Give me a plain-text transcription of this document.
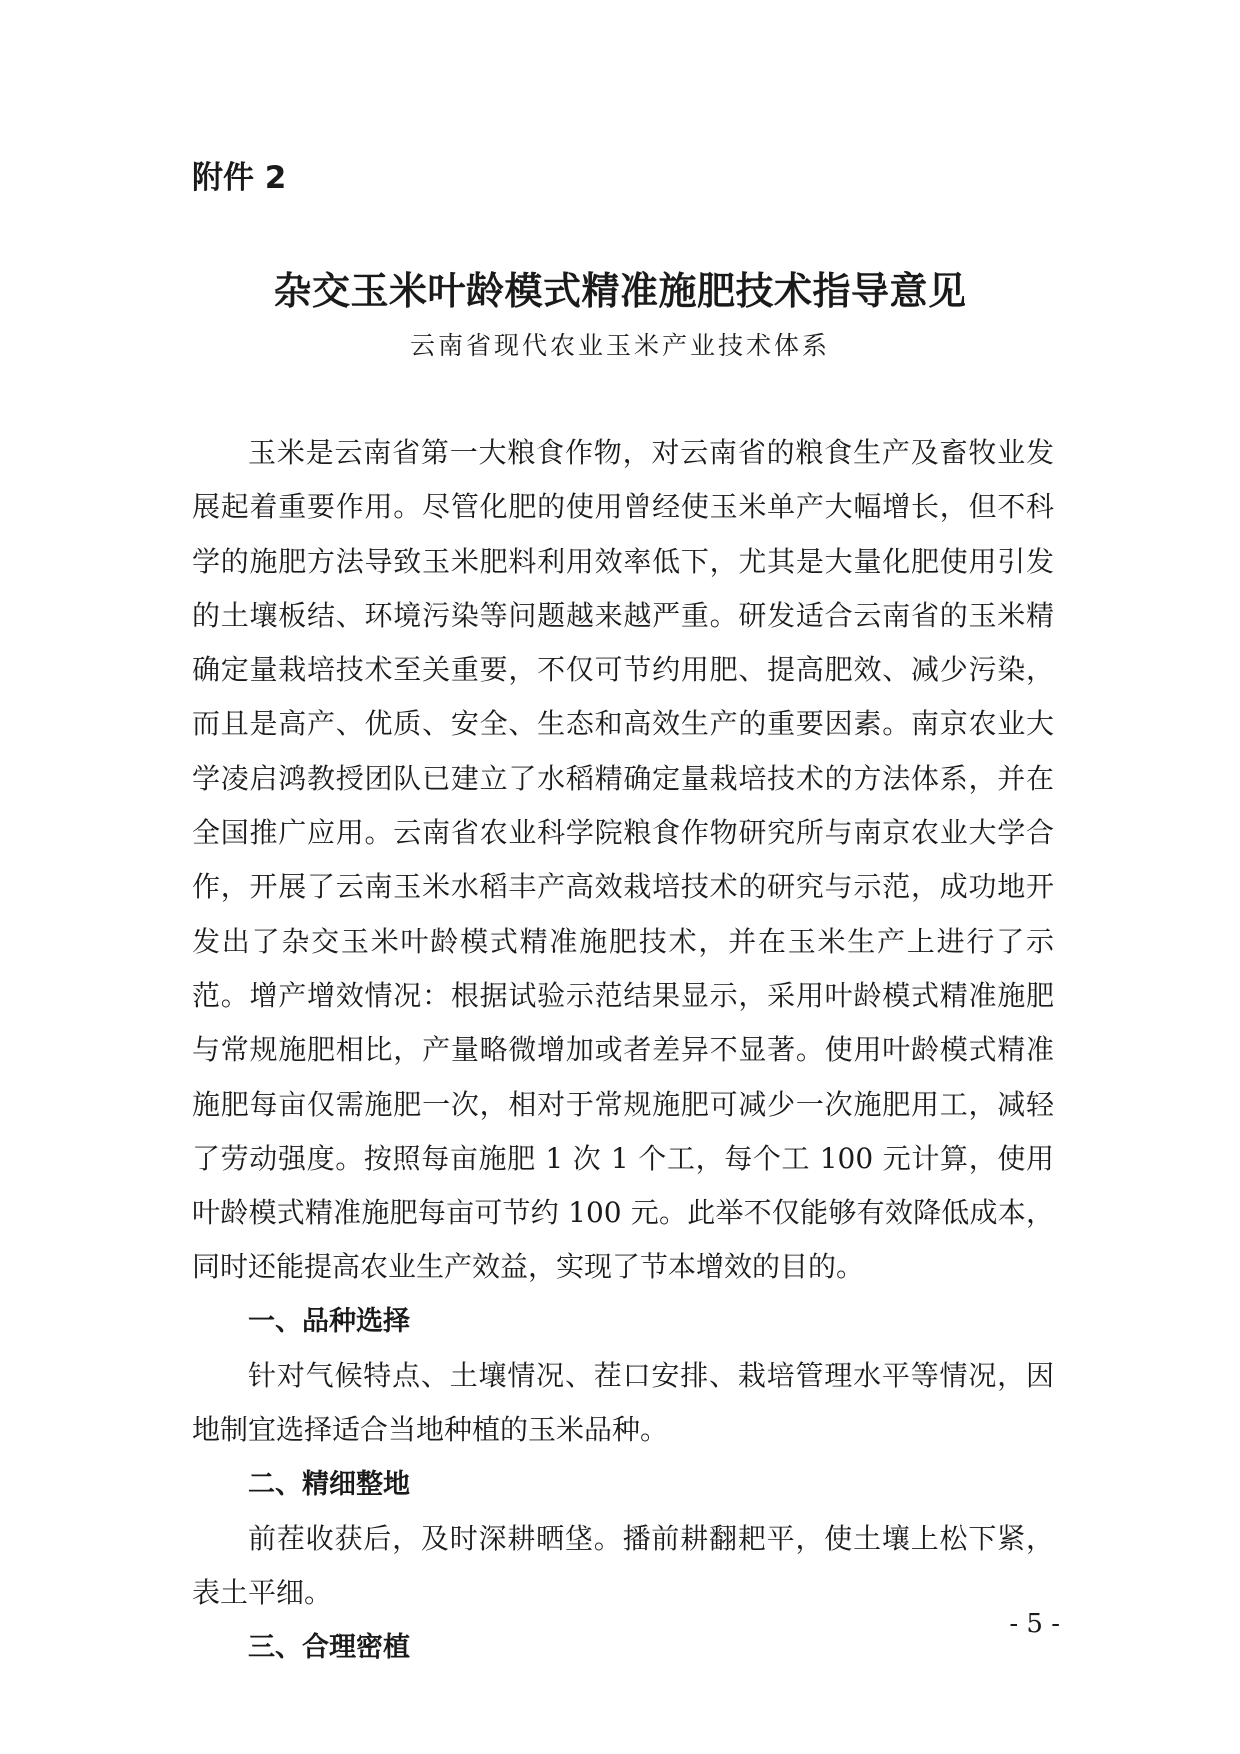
附件 2

杂交玉米叶龄模式精准施肥技术指导意见

云南省现代农业玉米产业技术体系

玉米是云南省第一大粮食作物，对云南省的粮食生产及畜牧业发展起着重要作用。尽管化肥的使用曾经使玉米单产大幅增长，但不科学的施肥方法导致玉米肥料利用效率低下，尤其是大量化肥使用引发的土壤板结、环境污染等问题越来越严重。研发适合云南省的玉米精确定量栽培技术至关重要，不仅可节约用肥、提高肥效、减少污染，而且是高产、优质、安全、生态和高效生产的重要因素。南京农业大学凌启鸿教授团队已建立了水稻精确定量栽培技术的方法体系，并在全国推广应用。云南省农业科学院粮食作物研究所与南京农业大学合作，开展了云南玉米水稻丰产高效栽培技术的研究与示范，成功地开发出了杂交玉米叶龄模式精准施肥技术，并在玉米生产上进行了示范。增产增效情况：根据试验示范结果显示，采用叶龄模式精准施肥与常规施肥相比，产量略微增加或者差异不显著。使用叶龄模式精准施肥每亩仅需施肥一次，相对于常规施肥可减少一次施肥用工，减轻了劳动强度。按照每亩施肥 1 次 1 个工，每个工 100 元计算，使用叶龄模式精准施肥每亩可节约 100 元。此举不仅能够有效降低成本，同时还能提高农业生产效益，实现了节本增效的目的。

一、品种选择

针对气候特点、土壤情况、茬口安排、栽培管理水平等情况，因地制宜选择适合当地种植的玉米品种。

二、精细整地

前茬收获后，及时深耕晒垡。播前耕翻耙平，使土壤上松下紧，表土平细。

三、合理密植

- 5 -
